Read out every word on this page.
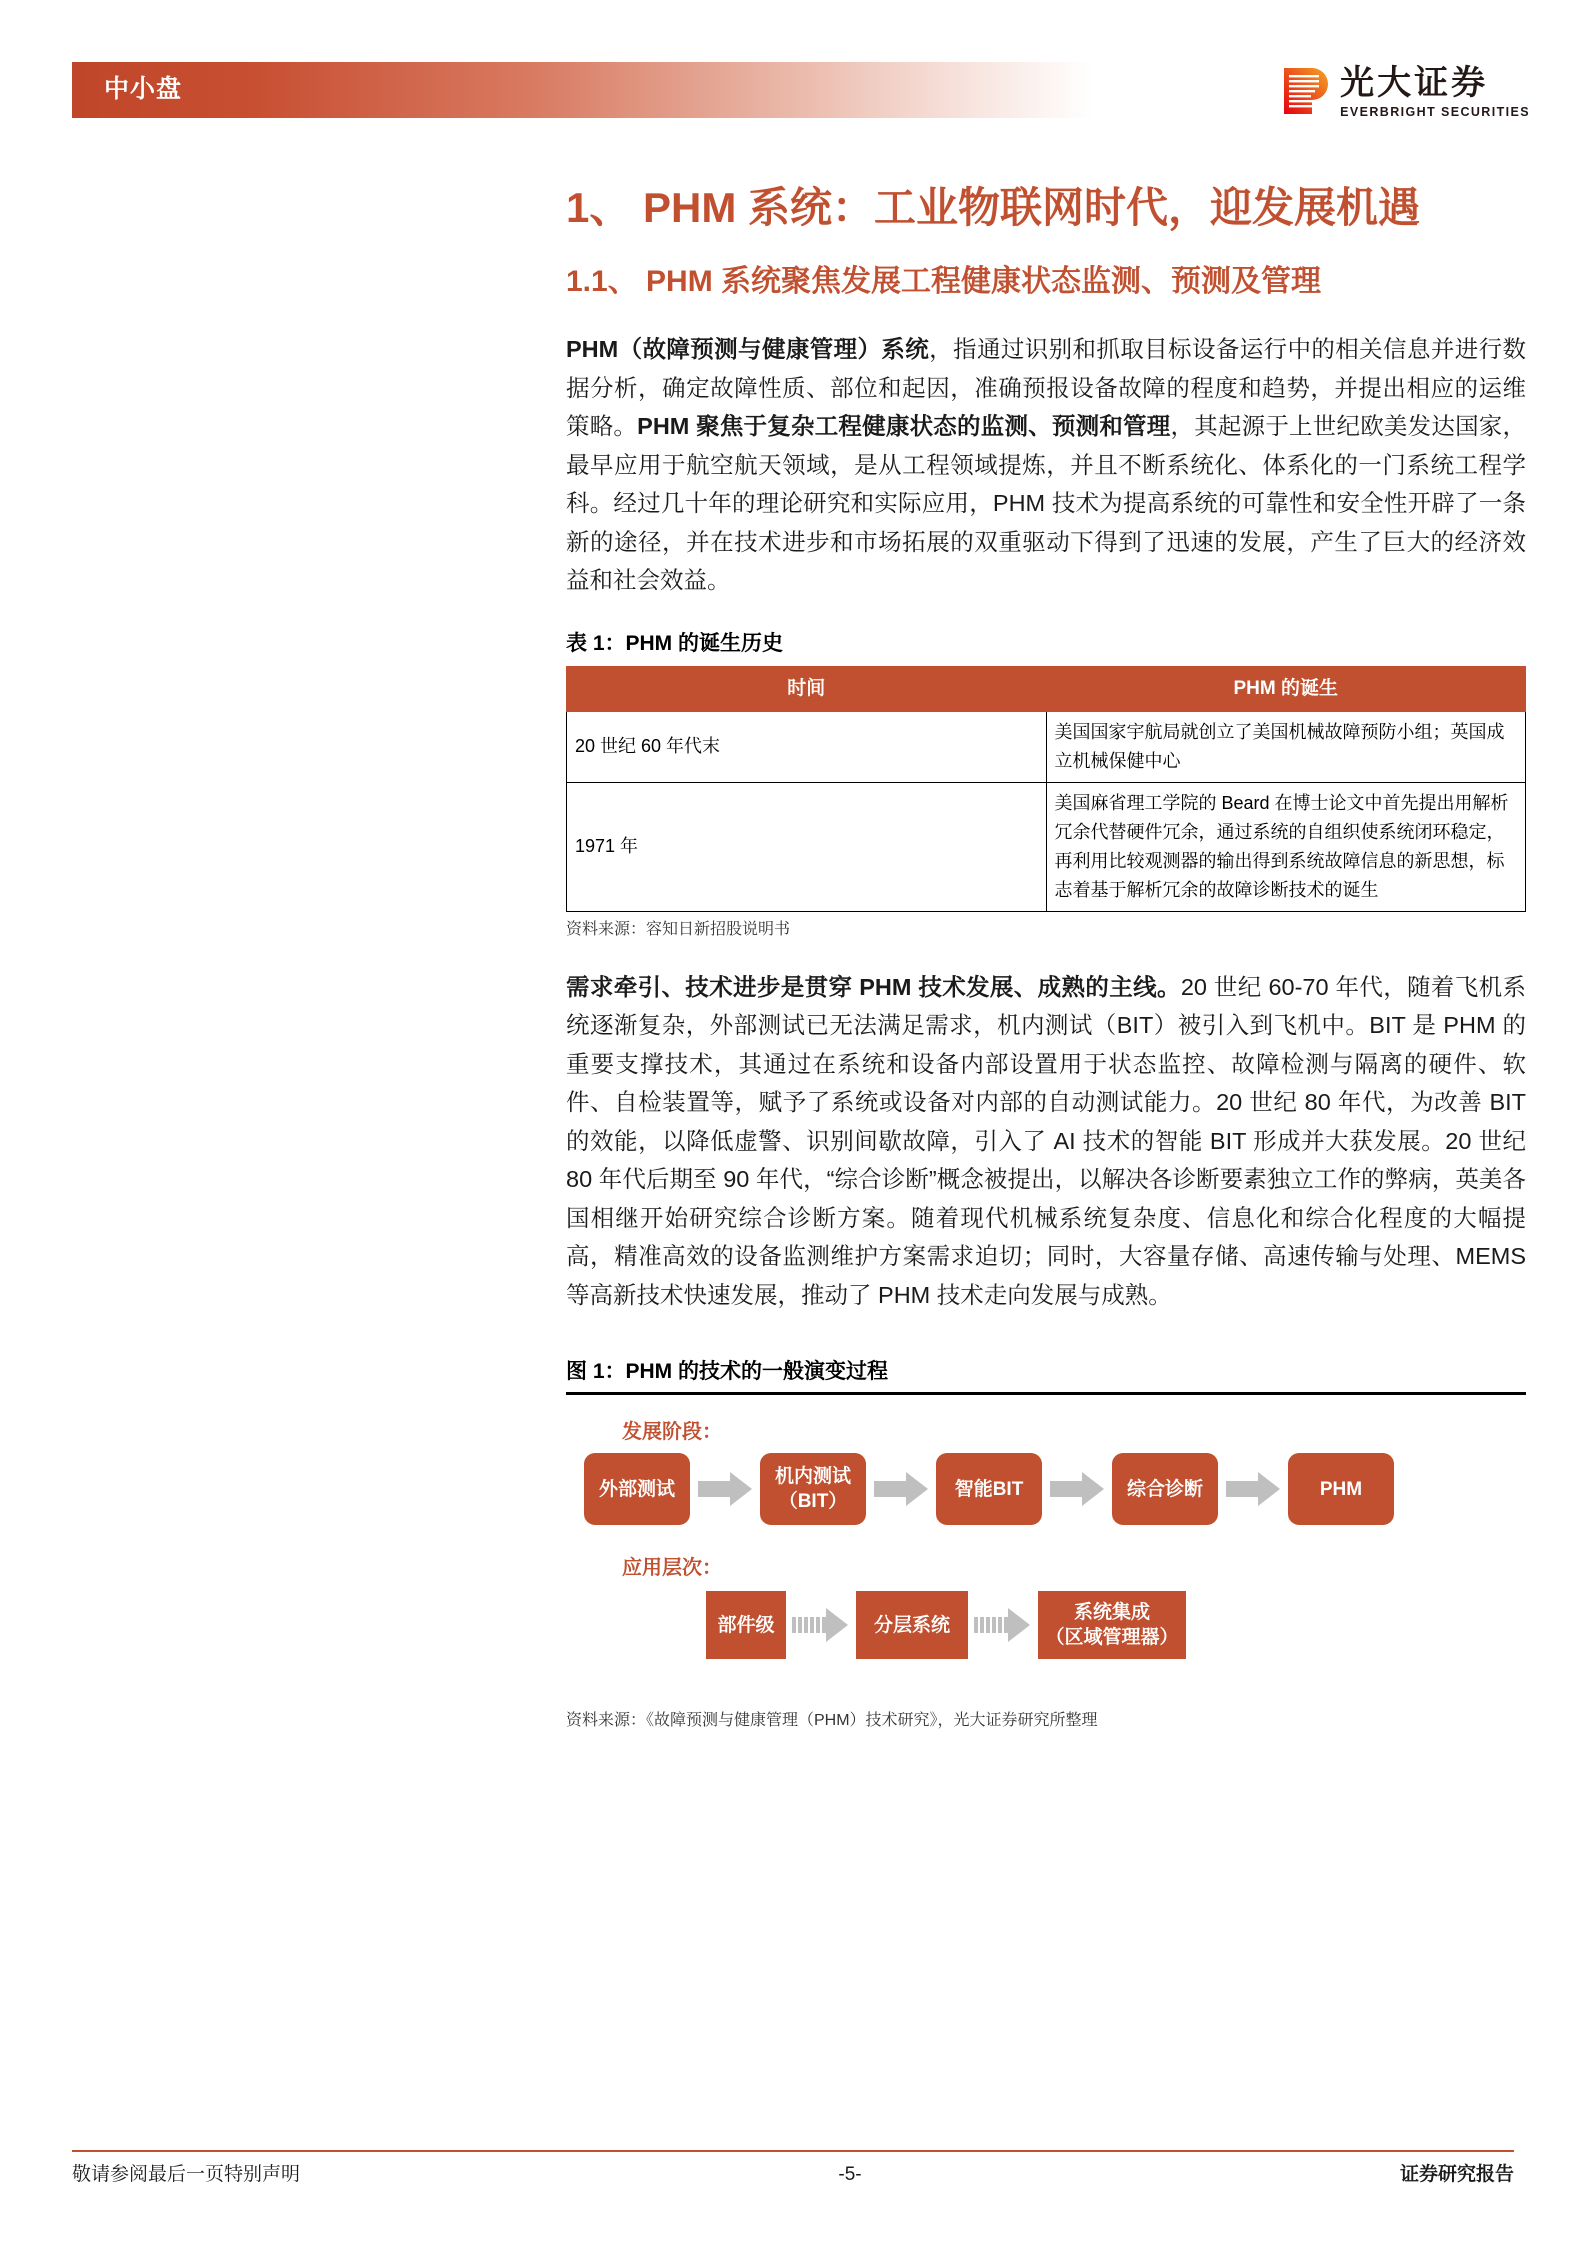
中小盘	光大证券
EVERBRIGHT SECURITIES
1、 PHM 系统：工业物联网时代，迎发展机遇
1.1、 PHM 系统聚焦发展工程健康状态监测、预测及管理

PHM（故障预测与健康管理）系统，指通过识别和抓取目标设备运行中的相关信息并进行数据分析，确定故障性质、部位和起因，准确预报设备故障的程度和趋势，并提出相应的运维策略。PHM 聚焦于复杂工程健康状态的监测、预测和管理，其起源于上世纪欧美发达国家，最早应用于航空航天领域，是从工程领域提炼，并且不断系统化、体系化的一门系统工程学科。经过几十年的理论研究和实际应用，PHM 技术为提高系统的可靠性和安全性开辟了一条新的途径，并在技术进步和市场拓展的双重驱动下得到了迅速的发展，产生了巨大的经济效益和社会效益。

表 1：PHM 的诞生历史
时间	PHM 的诞生
20 世纪 60 年代末	美国国家宇航局就创立了美国机械故障预防小组；英国成立机械保健中心
1971 年	美国麻省理工学院的 Beard 在博士论文中首先提出用解析冗余代替硬件冗余，通过系统的自组织使系统闭环稳定，再利用比较观测器的输出得到系统故障信息的新思想，标志着基于解析冗余的故障诊断技术的诞生
资料来源：容知日新招股说明书

需求牵引、技术进步是贯穿 PHM 技术发展、成熟的主线。20 世纪 60-70 年代，随着飞机系统逐渐复杂，外部测试已无法满足需求，机内测试（BIT）被引入到飞机中。BIT 是 PHM 的重要支撑技术，其通过在系统和设备内部设置用于状态监控、故障检测与隔离的硬件、软件、自检装置等，赋予了系统或设备对内部的自动测试能力。20 世纪 80 年代，为改善 BIT 的效能，以降低虚警、识别间歇故障，引入了 AI 技术的智能 BIT 形成并大获发展。20 世纪 80 年代后期至 90 年代，“综合诊断”概念被提出，以解决各诊断要素独立工作的弊病，英美各国相继开始研究综合诊断方案。随着现代机械系统复杂度、信息化和综合化程度的大幅提高，精准高效的设备监测维护方案需求迫切；同时，大容量存储、高速传输与处理、MEMS 等高新技术快速发展，推动了 PHM 技术走向发展与成熟。

图 1：PHM 的技术的一般演变过程
发展阶段：
外部测试
机内测试
（BIT）
智能BIT	综合诊断	PHM
应用层次：
部件级	分层系统
系统集成
（区域管理器）
资料来源：《故障预测与健康管理（PHM）技术研究》，光大证券研究所整理
敬请参阅最后一页特别声明	-5-	证券研究报告
